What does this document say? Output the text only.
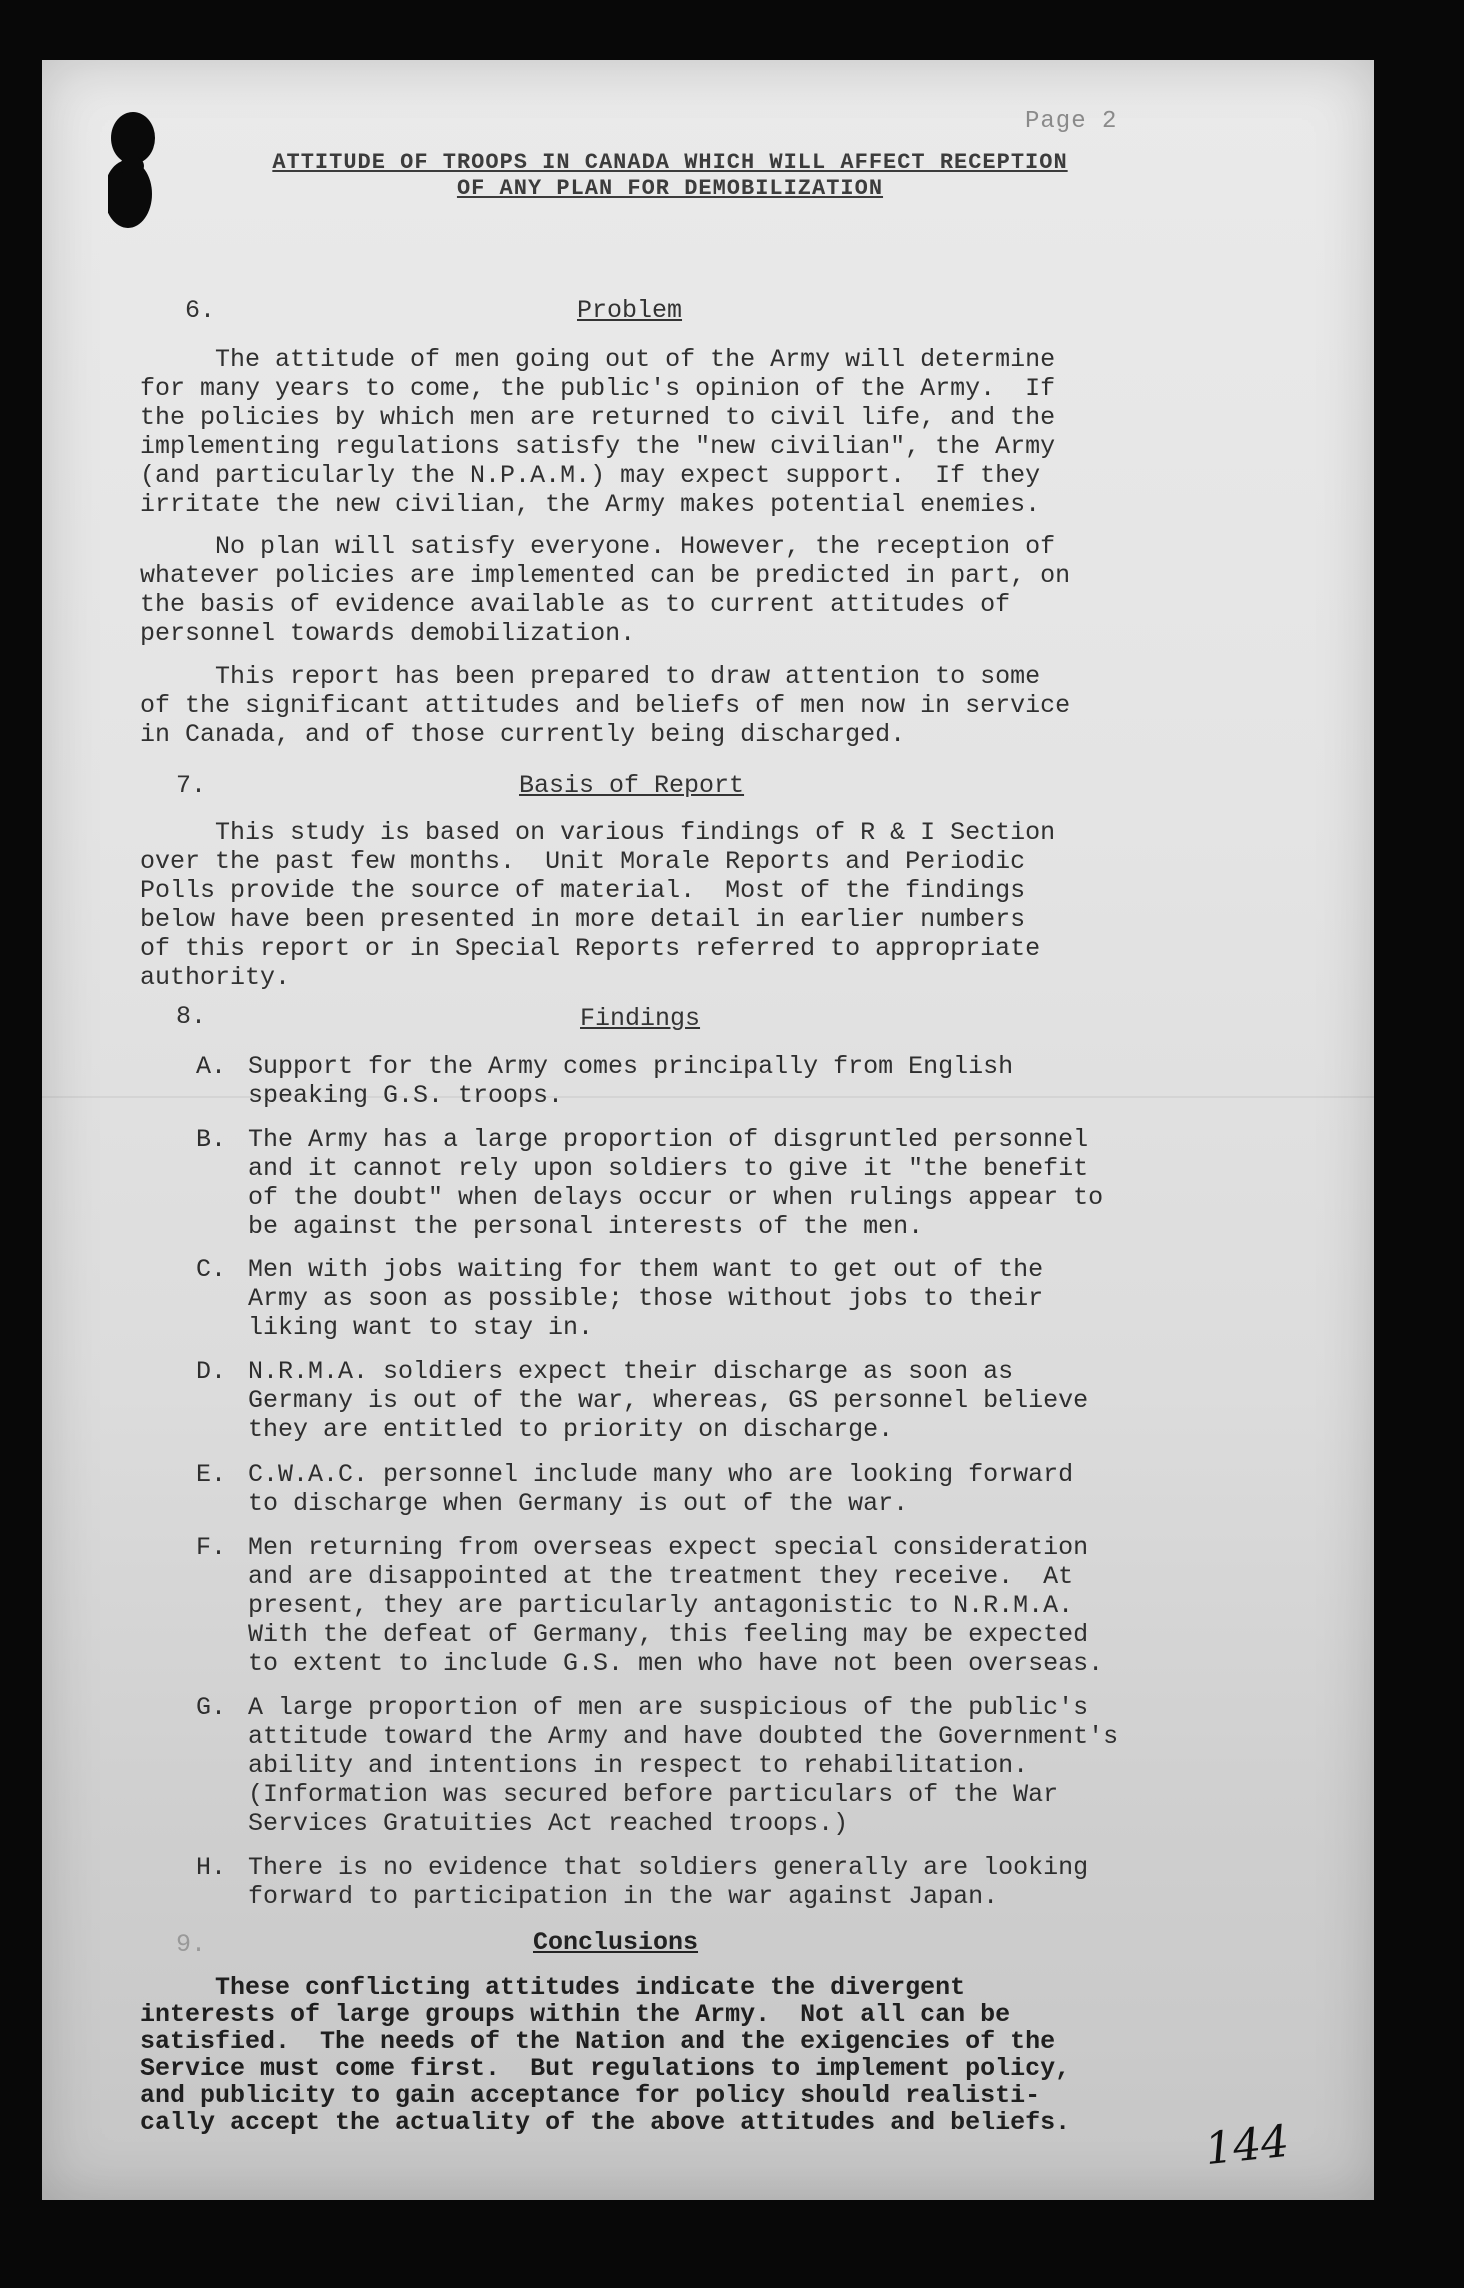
Page 2
ATTITUDE OF TROOPS IN CANADA WHICH WILL AFFECT RECEPTION
OF ANY PLAN FOR DEMOBILIZATION
6.	Problem
The attitude of men going out of the Army will determine
for many years to come, the public's opinion of the Army.  If
the policies by which men are returned to civil life, and the
implementing regulations satisfy the "new civilian", the Army
(and particularly the N.P.A.M.) may expect support.  If they
irritate the new civilian, the Army makes potential enemies.
No plan will satisfy everyone. However, the reception of
whatever policies are implemented can be predicted in part, on
the basis of evidence available as to current attitudes of
personnel towards demobilization.
This report has been prepared to draw attention to some
of the significant attitudes and beliefs of men now in service
in Canada, and of those currently being discharged.
7.	Basis of Report
This study is based on various findings of R & I Section
over the past few months.  Unit Morale Reports and Periodic
Polls provide the source of material.  Most of the findings
below have been presented in more detail in earlier numbers
of this report or in Special Reports referred to appropriate
authority.
8.	Findings
A. Support for the Army comes principally from English
speaking G.S. troops.
B. The Army has a large proportion of disgruntled personnel
and it cannot rely upon soldiers to give it "the benefit
of the doubt" when delays occur or when rulings appear to
be against the personal interests of the men.
C. Men with jobs waiting for them want to get out of the
Army as soon as possible; those without jobs to their
liking want to stay in.
D. N.R.M.A. soldiers expect their discharge as soon as
Germany is out of the war, whereas, GS personnel believe
they are entitled to priority on discharge.
E. C.W.A.C. personnel include many who are looking forward
to discharge when Germany is out of the war.
F. Men returning from overseas expect special consideration
and are disappointed at the treatment they receive.  At
present, they are particularly antagonistic to N.R.M.A.
With the defeat of Germany, this feeling may be expected
to extent to include G.S. men who have not been overseas.
G. A large proportion of men are suspicious of the public's
attitude toward the Army and have doubted the Government's
ability and intentions in respect to rehabilitation.
(Information was secured before particulars of the War
Services Gratuities Act reached troops.)
H. There is no evidence that soldiers generally are looking
forward to participation in the war against Japan.
9.	Conclusions
These conflicting attitudes indicate the divergent
interests of large groups within the Army.  Not all can be
satisfied.  The needs of the Nation and the exigencies of the
Service must come first.  But regulations to implement policy,
and publicity to gain acceptance for policy should realisti-
cally accept the actuality of the above attitudes and beliefs.	144
